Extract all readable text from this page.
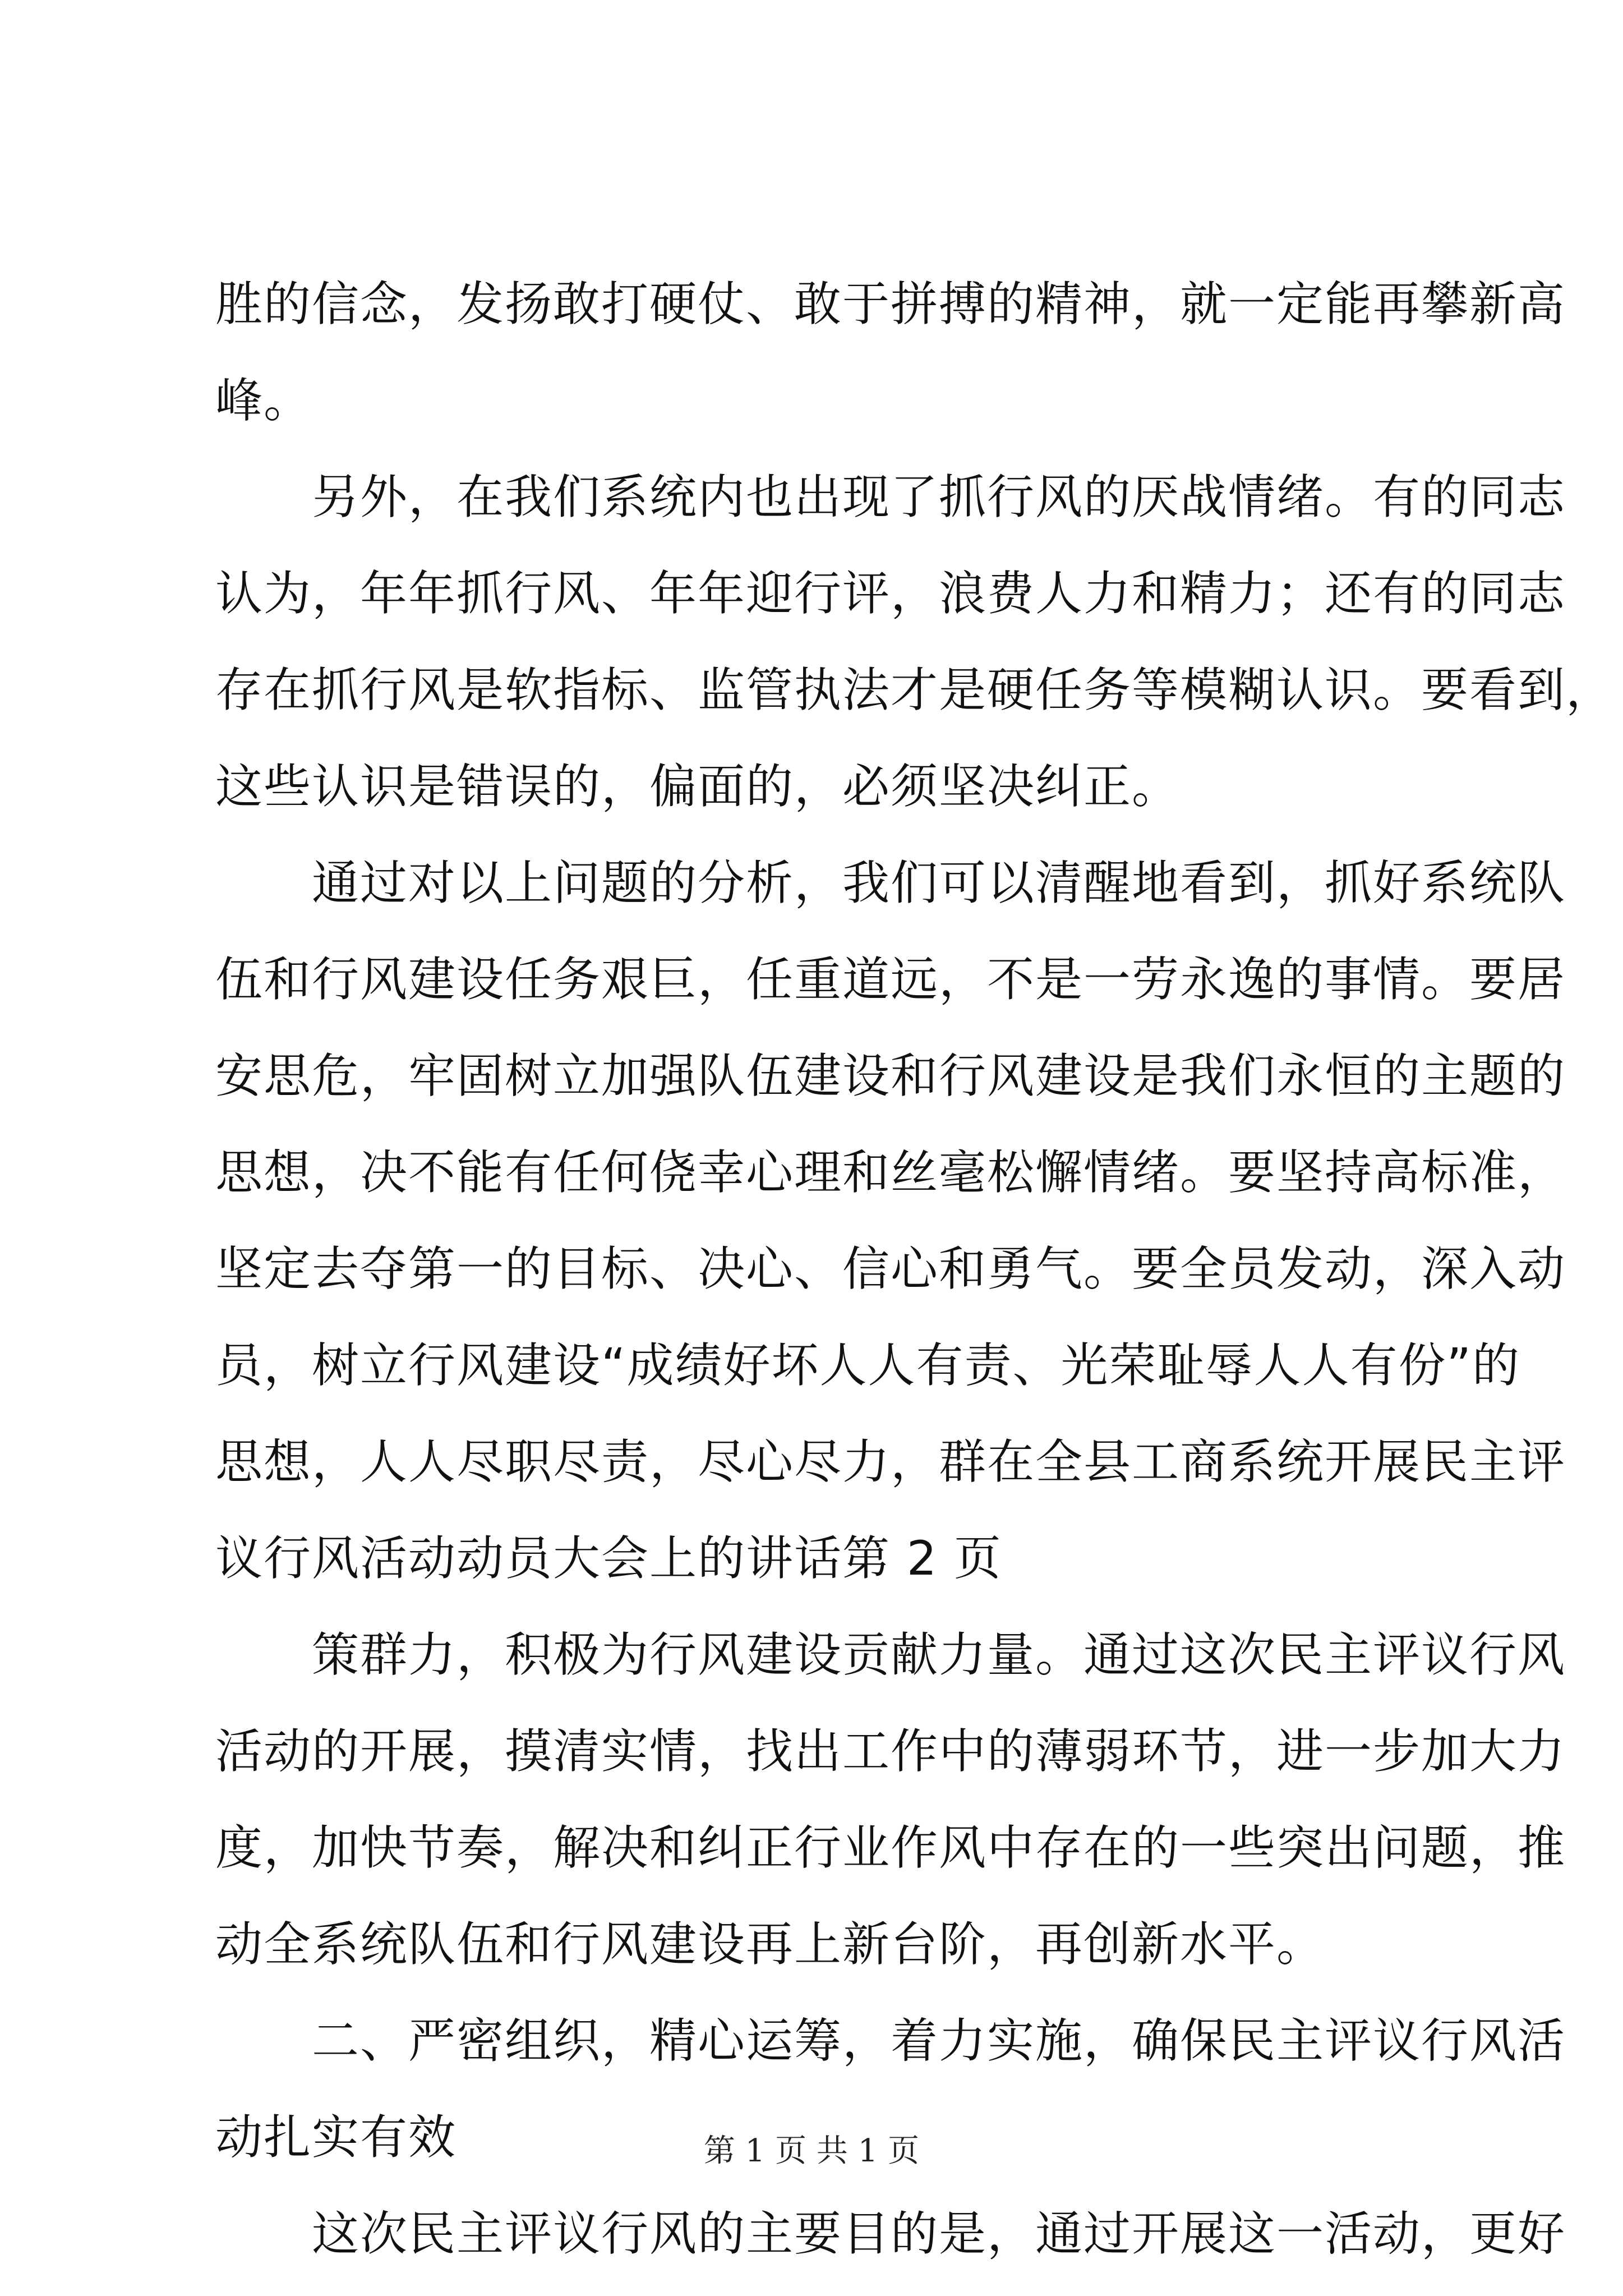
胜的信念，发扬敢打硬仗、敢于拼搏的精神，就一定能再攀新高
峰。
另外，在我们系统内也出现了抓行风的厌战情绪。有的同志
认为，年年抓行风、年年迎行评，浪费人力和精力；还有的同志
存在抓行风是软指标、监管执法才是硬任务等模糊认识。要看到，
这些认识是错误的，偏面的，必须坚决纠正。
通过对以上问题的分析，我们可以清醒地看到，抓好系统队
伍和行风建设任务艰巨，任重道远，不是一劳永逸的事情。要居
安思危，牢固树立加强队伍建设和行风建设是我们永恒的主题的
思想，决不能有任何侥幸心理和丝毫松懈情绪。要坚持高标准，
坚定去夺第一的目标、决心、信心和勇气。要全员发动，深入动
员，树立行风建设“成绩好坏人人有责、光荣耻辱人人有份”的
思想，人人尽职尽责，尽心尽力，群在全县工商系统开展民主评
议行风活动动员大会上的讲话第 2 页
策群力，积极为行风建设贡献力量。通过这次民主评议行风
活动的开展，摸清实情，找出工作中的薄弱环节，进一步加大力
度，加快节奏，解决和纠正行业作风中存在的一些突出问题，推
动全系统队伍和行风建设再上新台阶，再创新水平。
二、严密组织，精心运筹，着力实施，确保民主评议行风活
动扎实有效
这次民主评议行风的主要目的是，通过开展这一活动，更好
第 1 页 共 1 页
